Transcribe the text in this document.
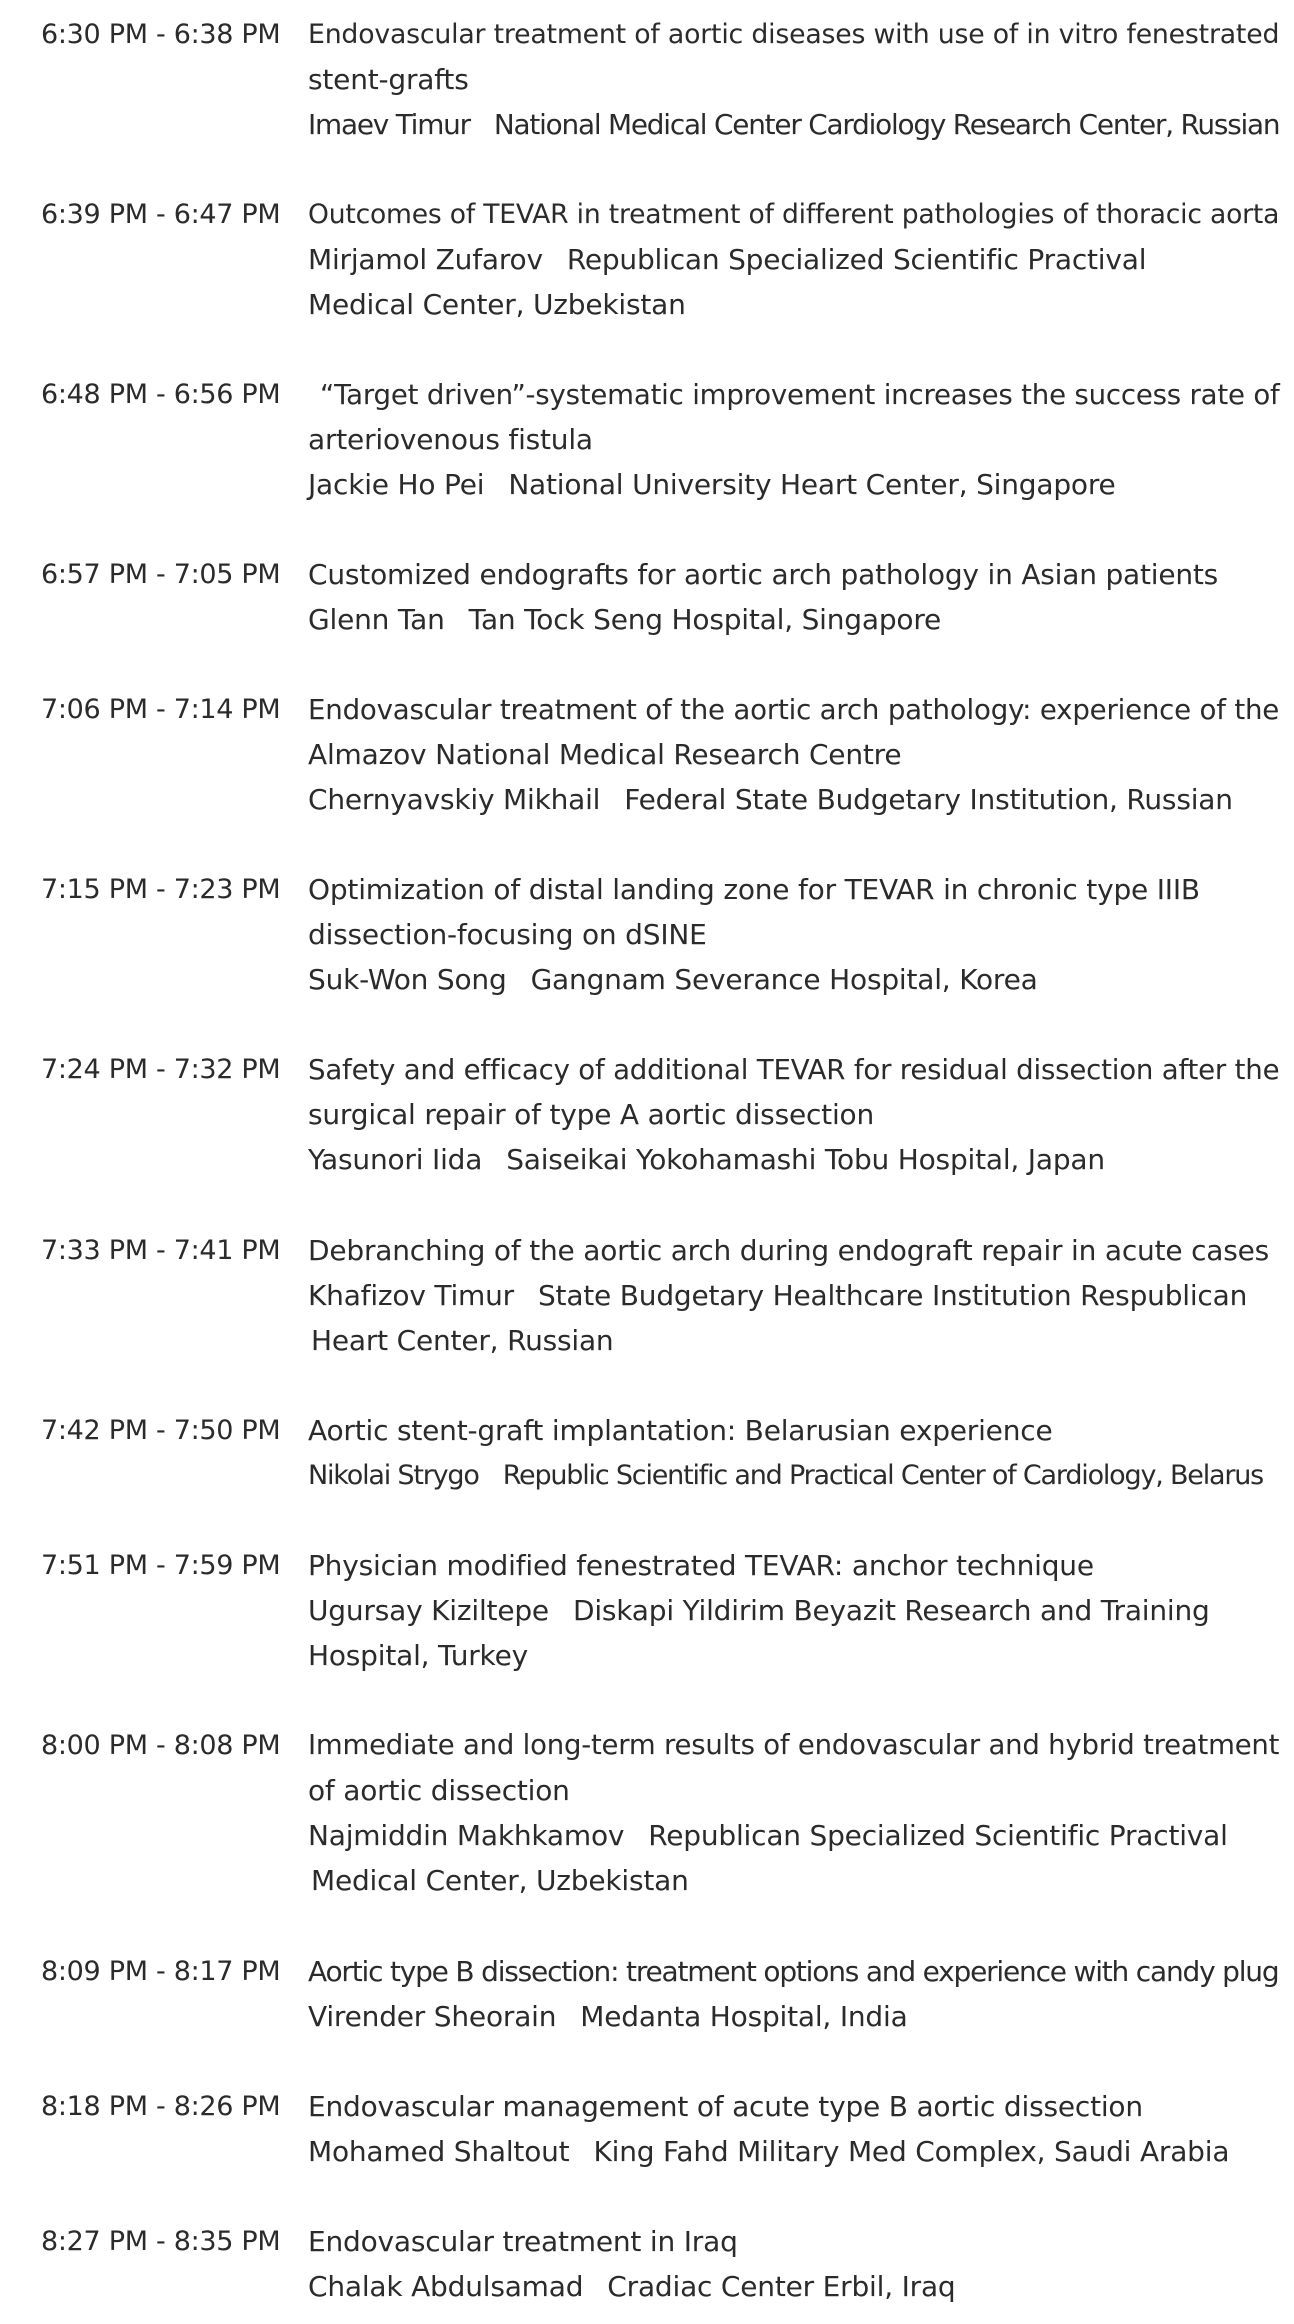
6:30 PM - 6:38 PM Endovascular treatment of aortic diseases with use of in vitro fenestrated
stent-grafts
Imaev Timur National Medical Center Cardiology Research Center, Russian
6:39 PM - 6:47 PM Outcomes of TEVAR in treatment of different pathologies of thoracic aorta
Mirjamol Zufarov Republican Specialized Scientific Practival
Medical Center, Uzbekistan
6:48 PM - 6:56 PM “Target driven”-systematic improvement increases the success rate of
arteriovenous fistula
Jackie Ho Pei National University Heart Center, Singapore
6:57 PM - 7:05 PM Customized endografts for aortic arch pathology in Asian patients
Glenn Tan Tan Tock Seng Hospital, Singapore
7:06 PM - 7:14 PM Endovascular treatment of the aortic arch pathology: experience of the
Almazov National Medical Research Centre
Chernyavskiy Mikhail Federal State Budgetary Institution, Russian
7:15 PM - 7:23 PM Optimization of distal landing zone for TEVAR in chronic type IIIB
dissection-focusing on dSINE
Suk-Won Song Gangnam Severance Hospital, Korea
7:24 PM - 7:32 PM Safety and efficacy of additional TEVAR for residual dissection after the
surgical repair of type A aortic dissection
Yasunori Iida Saiseikai Yokohamashi Tobu Hospital, Japan
7:33 PM - 7:41 PM Debranching of the aortic arch during endograft repair in acute cases
Khafizov Timur State Budgetary Healthcare Institution Respublican
Heart Center, Russian
7:42 PM - 7:50 PM Aortic stent-graft implantation: Belarusian experience
Nikolai Strygo Republic Scientific and Practical Center of Cardiology, Belarus
7:51 PM - 7:59 PM Physician modified fenestrated TEVAR: anchor technique
Ugursay Kiziltepe Diskapi Yildirim Beyazit Research and Training
Hospital, Turkey
8:00 PM - 8:08 PM Immediate and long-term results of endovascular and hybrid treatment
of aortic dissection
Najmiddin Makhkamov Republican Specialized Scientific Practival
Medical Center, Uzbekistan
8:09 PM - 8:17 PM Aortic type B dissection: treatment options and experience with candy plug
Virender Sheorain Medanta Hospital, India
8:18 PM - 8:26 PM Endovascular management of acute type B aortic dissection
Mohamed Shaltout King Fahd Military Med Complex, Saudi Arabia
8:27 PM - 8:35 PM Endovascular treatment in Iraq
Chalak Abdulsamad Cradiac Center Erbil, Iraq
